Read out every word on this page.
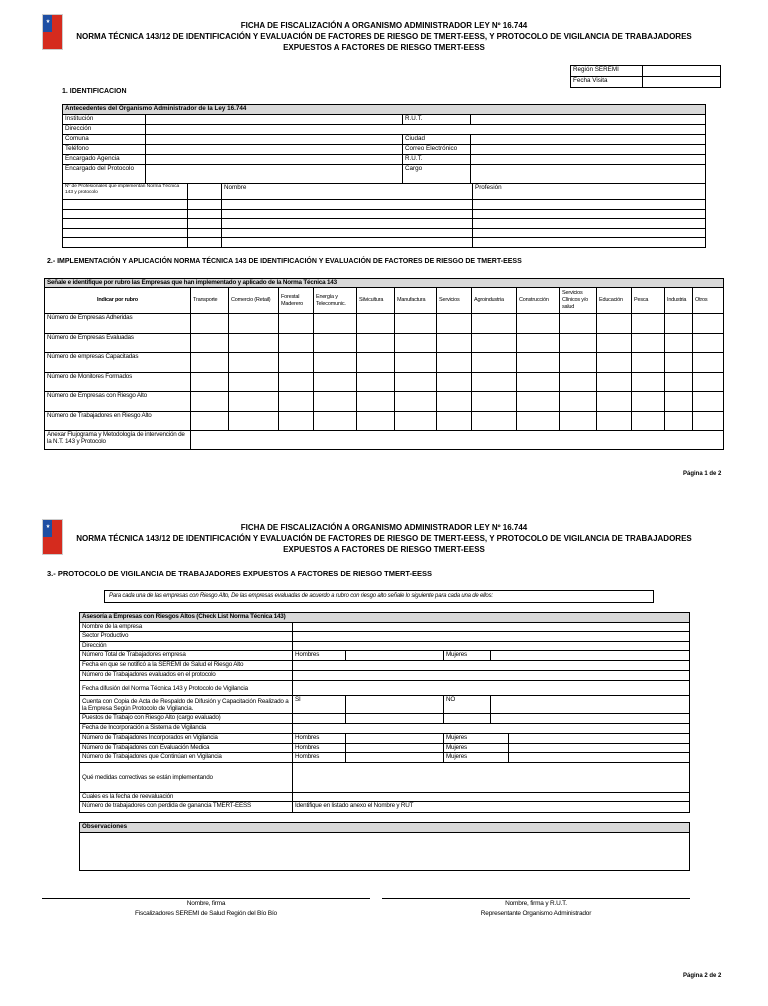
FICHA DE FISCALIZACIÓN A ORGANISMO ADMINISTRADOR LEY Nº 16.744
NORMA TÉCNICA 143/12 DE IDENTIFICACIÓN Y EVALUACIÓN DE FACTORES DE RIESGO DE TMERT-EESS, Y PROTOCOLO DE VIGILANCIA DE TRABAJADORES
EXPUESTOS A FACTORES DE RIESGO TMERT-EESS
Región SEREMI	
Fecha Visita	
1. IDENTIFICACION
Antecedentes del Organismo Administrador de la Ley 16.744			
Institución		R.U.T.	
Dirección			
Comuna		Ciudad	
Teléfono		Correo Electrónico	
Encargado Agencia		R.U.T.	
Encargado del Protocolo		Cargo	
Nº de Profesionales que implementan Norma Técnica 143 y protocolo		Nombre	Profesión

2.- IMPLEMENTACIÓN Y APLICACIÓN NORMA TÉCNICA 143 DE IDENTIFICACIÓN Y EVALUACIÓN DE FACTORES DE RIESGO DE TMERT-EESS
Señale e identifique por rubro las Empresas que han implementado y aplicado de la Norma Técnica 143														
Indicar por rubro	Transporte	Comercio (Retail)	Forestal Maderero	Energía y Telecomunic.	Silvicultura	Manufactura	Servicios	Agroindustria	Construcción	Servicios Clínicos y/o salud	Educación	Pesca	Industria	Otros
Número de Empresas Adheridas														
Número de Empresas Evaluadas														
Número de empresas Capacitadas														
Número de Monitores Formados														
Número de Empresas con Riesgo Alto														
Número de Trabajadores en Riesgo Alto														
Anexar Flujograma y Metodología de intervención de la N.T. 143 y Protocolo														
Página 1 de 2
FICHA DE FISCALIZACIÓN A ORGANISMO ADMINISTRADOR LEY Nº 16.744
NORMA TÉCNICA 143/12 DE IDENTIFICACIÓN Y EVALUACIÓN DE FACTORES DE RIESGO DE TMERT-EESS, Y PROTOCOLO DE VIGILANCIA DE TRABAJADORES
EXPUESTOS A FACTORES DE RIESGO TMERT-EESS
3.- PROTOCOLO DE VIGILANCIA DE TRABAJADORES EXPUESTOS A FACTORES DE RIESGO TMERT-EESS
Para cada una de las empresas con Riesgo Alto, De las empresas evaluadas de acuerdo a rubro con riesgo alto señale lo siguiente para cada una de ellos:
Asesoría a Empresas con Riesgos Altos (Check List Norma Técnica 143)					
Nombre de la empresa					
Sector Productivo					
Dirección					
Número Total de Trabajadores empresa	Hombres		Mujeres		
Fecha en que se notificó a la SEREMI de Salud el Riesgo Alto					
Número de Trabajadores evaluados en el protocolo					
Fecha difusión del Norma Técnica 143 y Protocolo de Vigilancia					
Cuenta con Copia de Acta de Respaldo de Difusión y Capacitación Realizado a la Empresa Según Protocolo de Vigilancia.	SI		NO		
Puestos de Trabajo con Riesgo Alto (cargo evaluado)					
Fecha de Incorporación a Sistema de Vigilancia					
Número de Trabajadores Incorporados en Vigilancia	Hombres		Mujeres		
Número de Trabajadores con Evaluación Medica	Hombres		Mujeres		
Número de Trabajadores que Continúan en Vigilancia	Hombres		Mujeres		
Qué medidas correctivas se están implementando					
Cuales es la fecha de reevaluación					
Número de trabajadores con perdida de ganancia TMERT-EESS	Identifique en listado anexo el Nombre y RUT				
Observaciones

Nombre, firma
Fiscalizadores SEREMI de Salud Región del Bío Bío
Nombre, firma y R.U.T.
Representante Organismo Administrador
Página 2 de 2
